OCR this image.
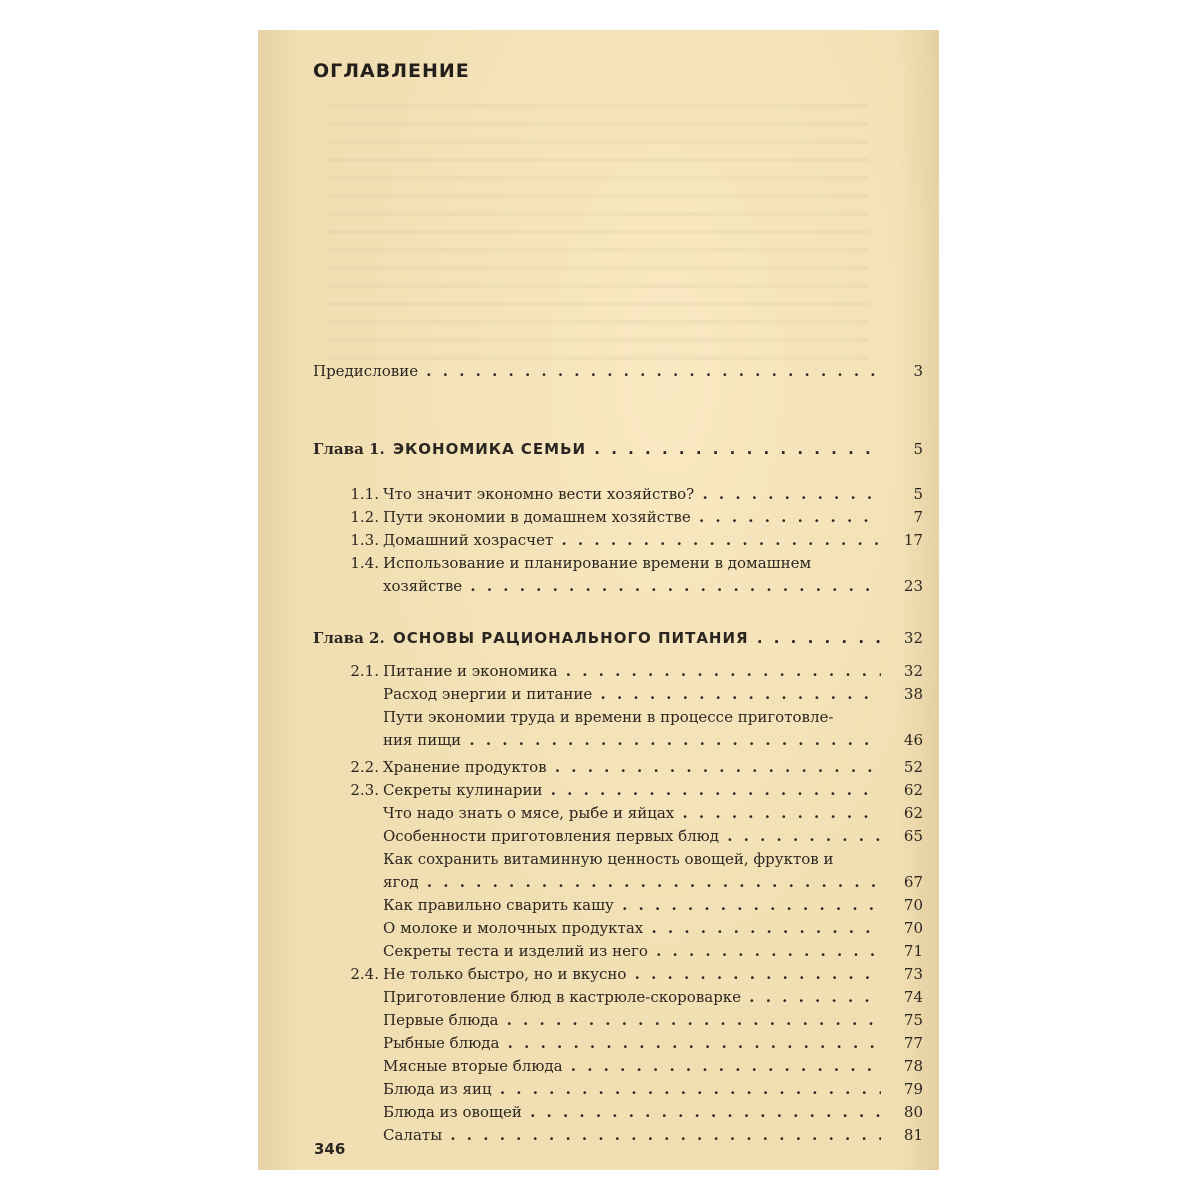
ОГЛАВЛЕНИЕ
Предисловие . . .	3
Глава 1. ЭКОНОМИКА СЕМЬИ . . .	5
1.1. Что значит экономно вести хозяйство? . . .	5
1.2. Пути экономии в домашнем хозяйстве . . .	7
1.3. Домашний хозрасчет . . .	17
1.4. Использование и планирование времени в домашнем
хозяйстве . . .	23
Глава 2. ОСНОВЫ РАЦИОНАЛЬНОГО ПИТАНИЯ . . .	32
2.1. Питание и экономика . . .	32
Расход энергии и питание . . .	38
Пути экономии труда и времени в процессе приготовле-
ния пищи . . .	46
2.2. Хранение продуктов . . .	52
2.3. Секреты кулинарии . . .	62
Что надо знать о мясе, рыбе и яйцах . . .	62
Особенности приготовления первых блюд . . .	65
Как сохранить витаминную ценность овощей, фруктов и
ягод . . .	67
Как правильно сварить кашу . . .	70
О молоке и молочных продуктах . . .	70
Секреты теста и изделий из него . . .	71
2.4. Не только быстро, но и вкусно . . .	73
Приготовление блюд в кастрюле-скороварке . . .	74
Первые блюда . . .	75
Рыбные блюда . . .	77
Мясные вторые блюда . . .	78
Блюда из яиц . . .	79
Блюда из овощей . . .	80
Салаты . . .	81
346
